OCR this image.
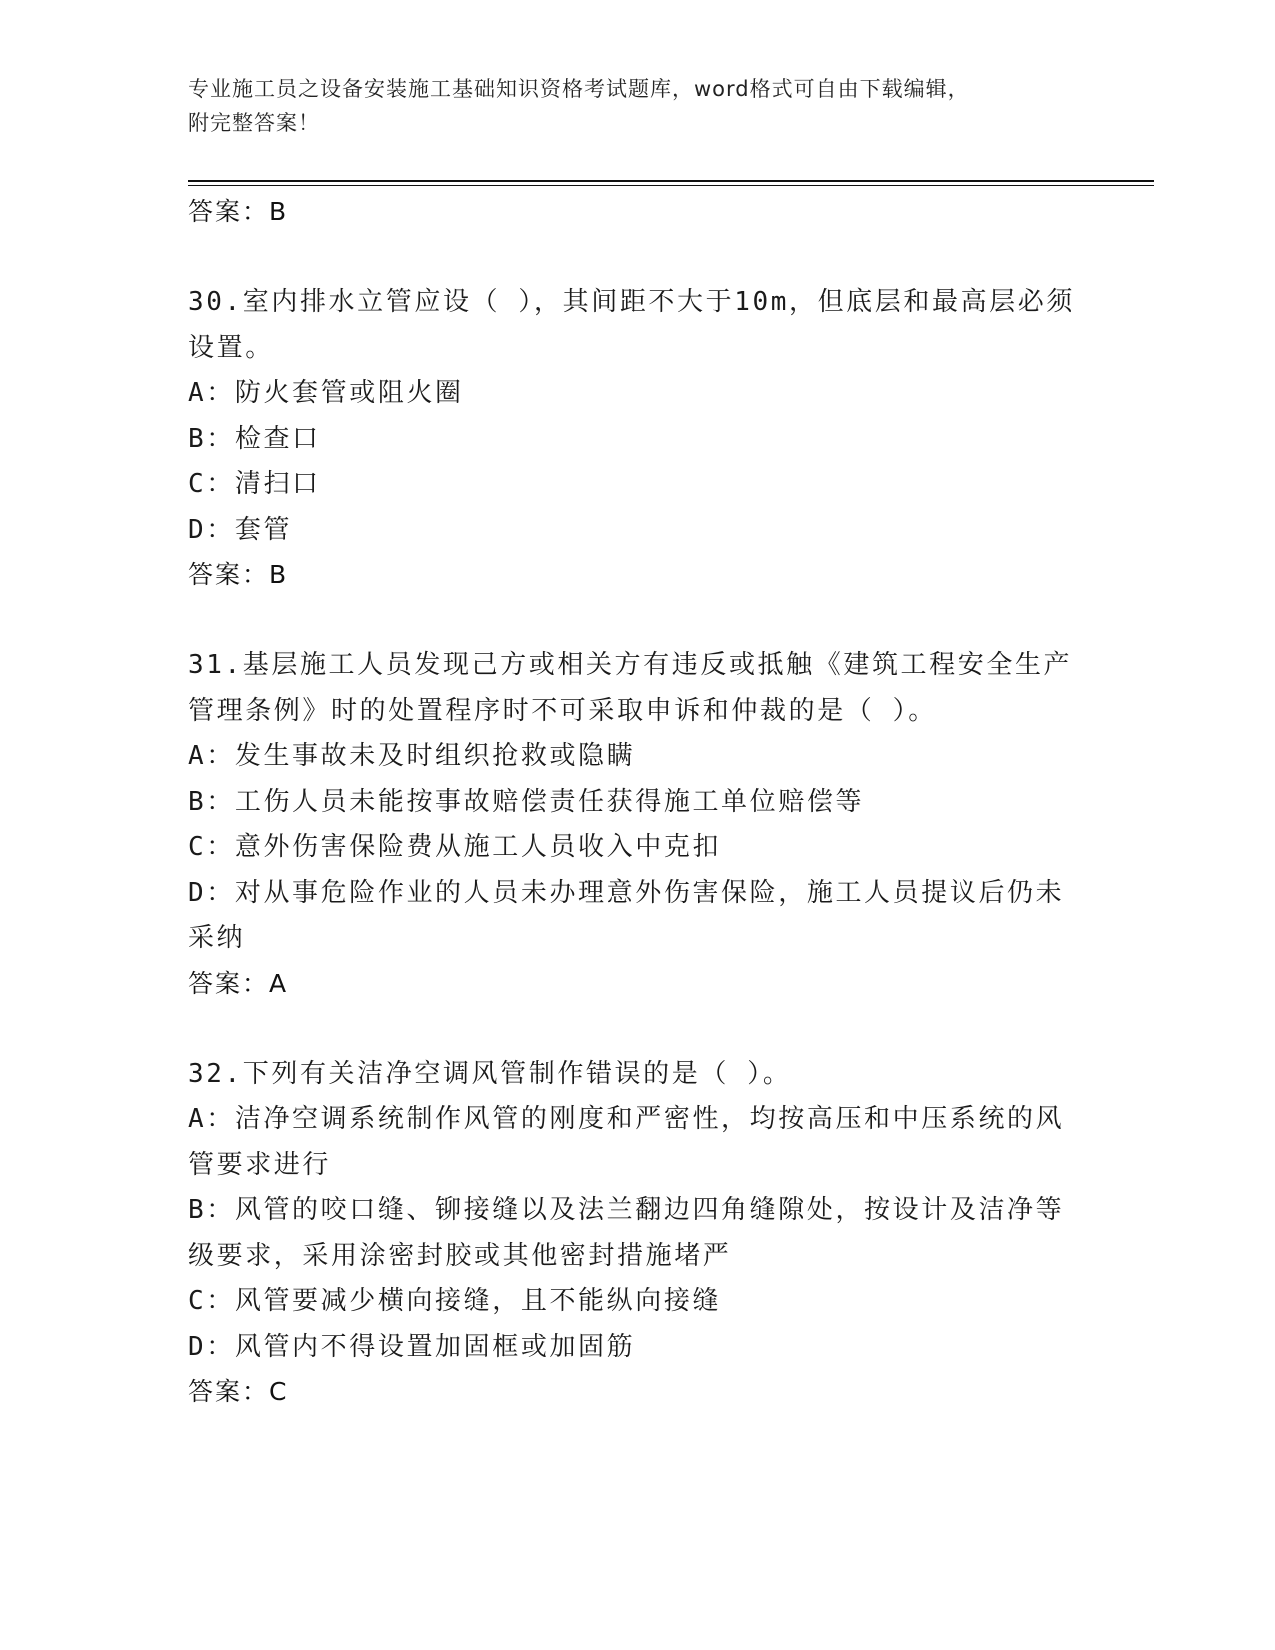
专业施工员之设备安装施工基础知识资格考试题库，word格式可自由下载编辑，
附完整答案！
答案：B
30.室内排水立管应设（ ），其间距不大于10m，但底层和最高层必须设置。
A：防火套管或阻火圈
B：检查口
C：清扫口
D：套管
答案：B
31.基层施工人员发现己方或相关方有违反或抵触《建筑工程安全生产管理条例》时的处置程序时不可采取申诉和仲裁的是（ ）。
A：发生事故未及时组织抢救或隐瞒
B：工伤人员未能按事故赔偿责任获得施工单位赔偿等
C：意外伤害保险费从施工人员收入中克扣
D：对从事危险作业的人员未办理意外伤害保险，施工人员提议后仍未采纳
答案：A
32.下列有关洁净空调风管制作错误的是（ ）。
A：洁净空调系统制作风管的刚度和严密性，均按高压和中压系统的风管要求进行
B：风管的咬口缝、铆接缝以及法兰翻边四角缝隙处，按设计及洁净等级要求，采用涂密封胶或其他密封措施堵严
C：风管要减少横向接缝，且不能纵向接缝
D：风管内不得设置加固框或加固筋
答案：C
